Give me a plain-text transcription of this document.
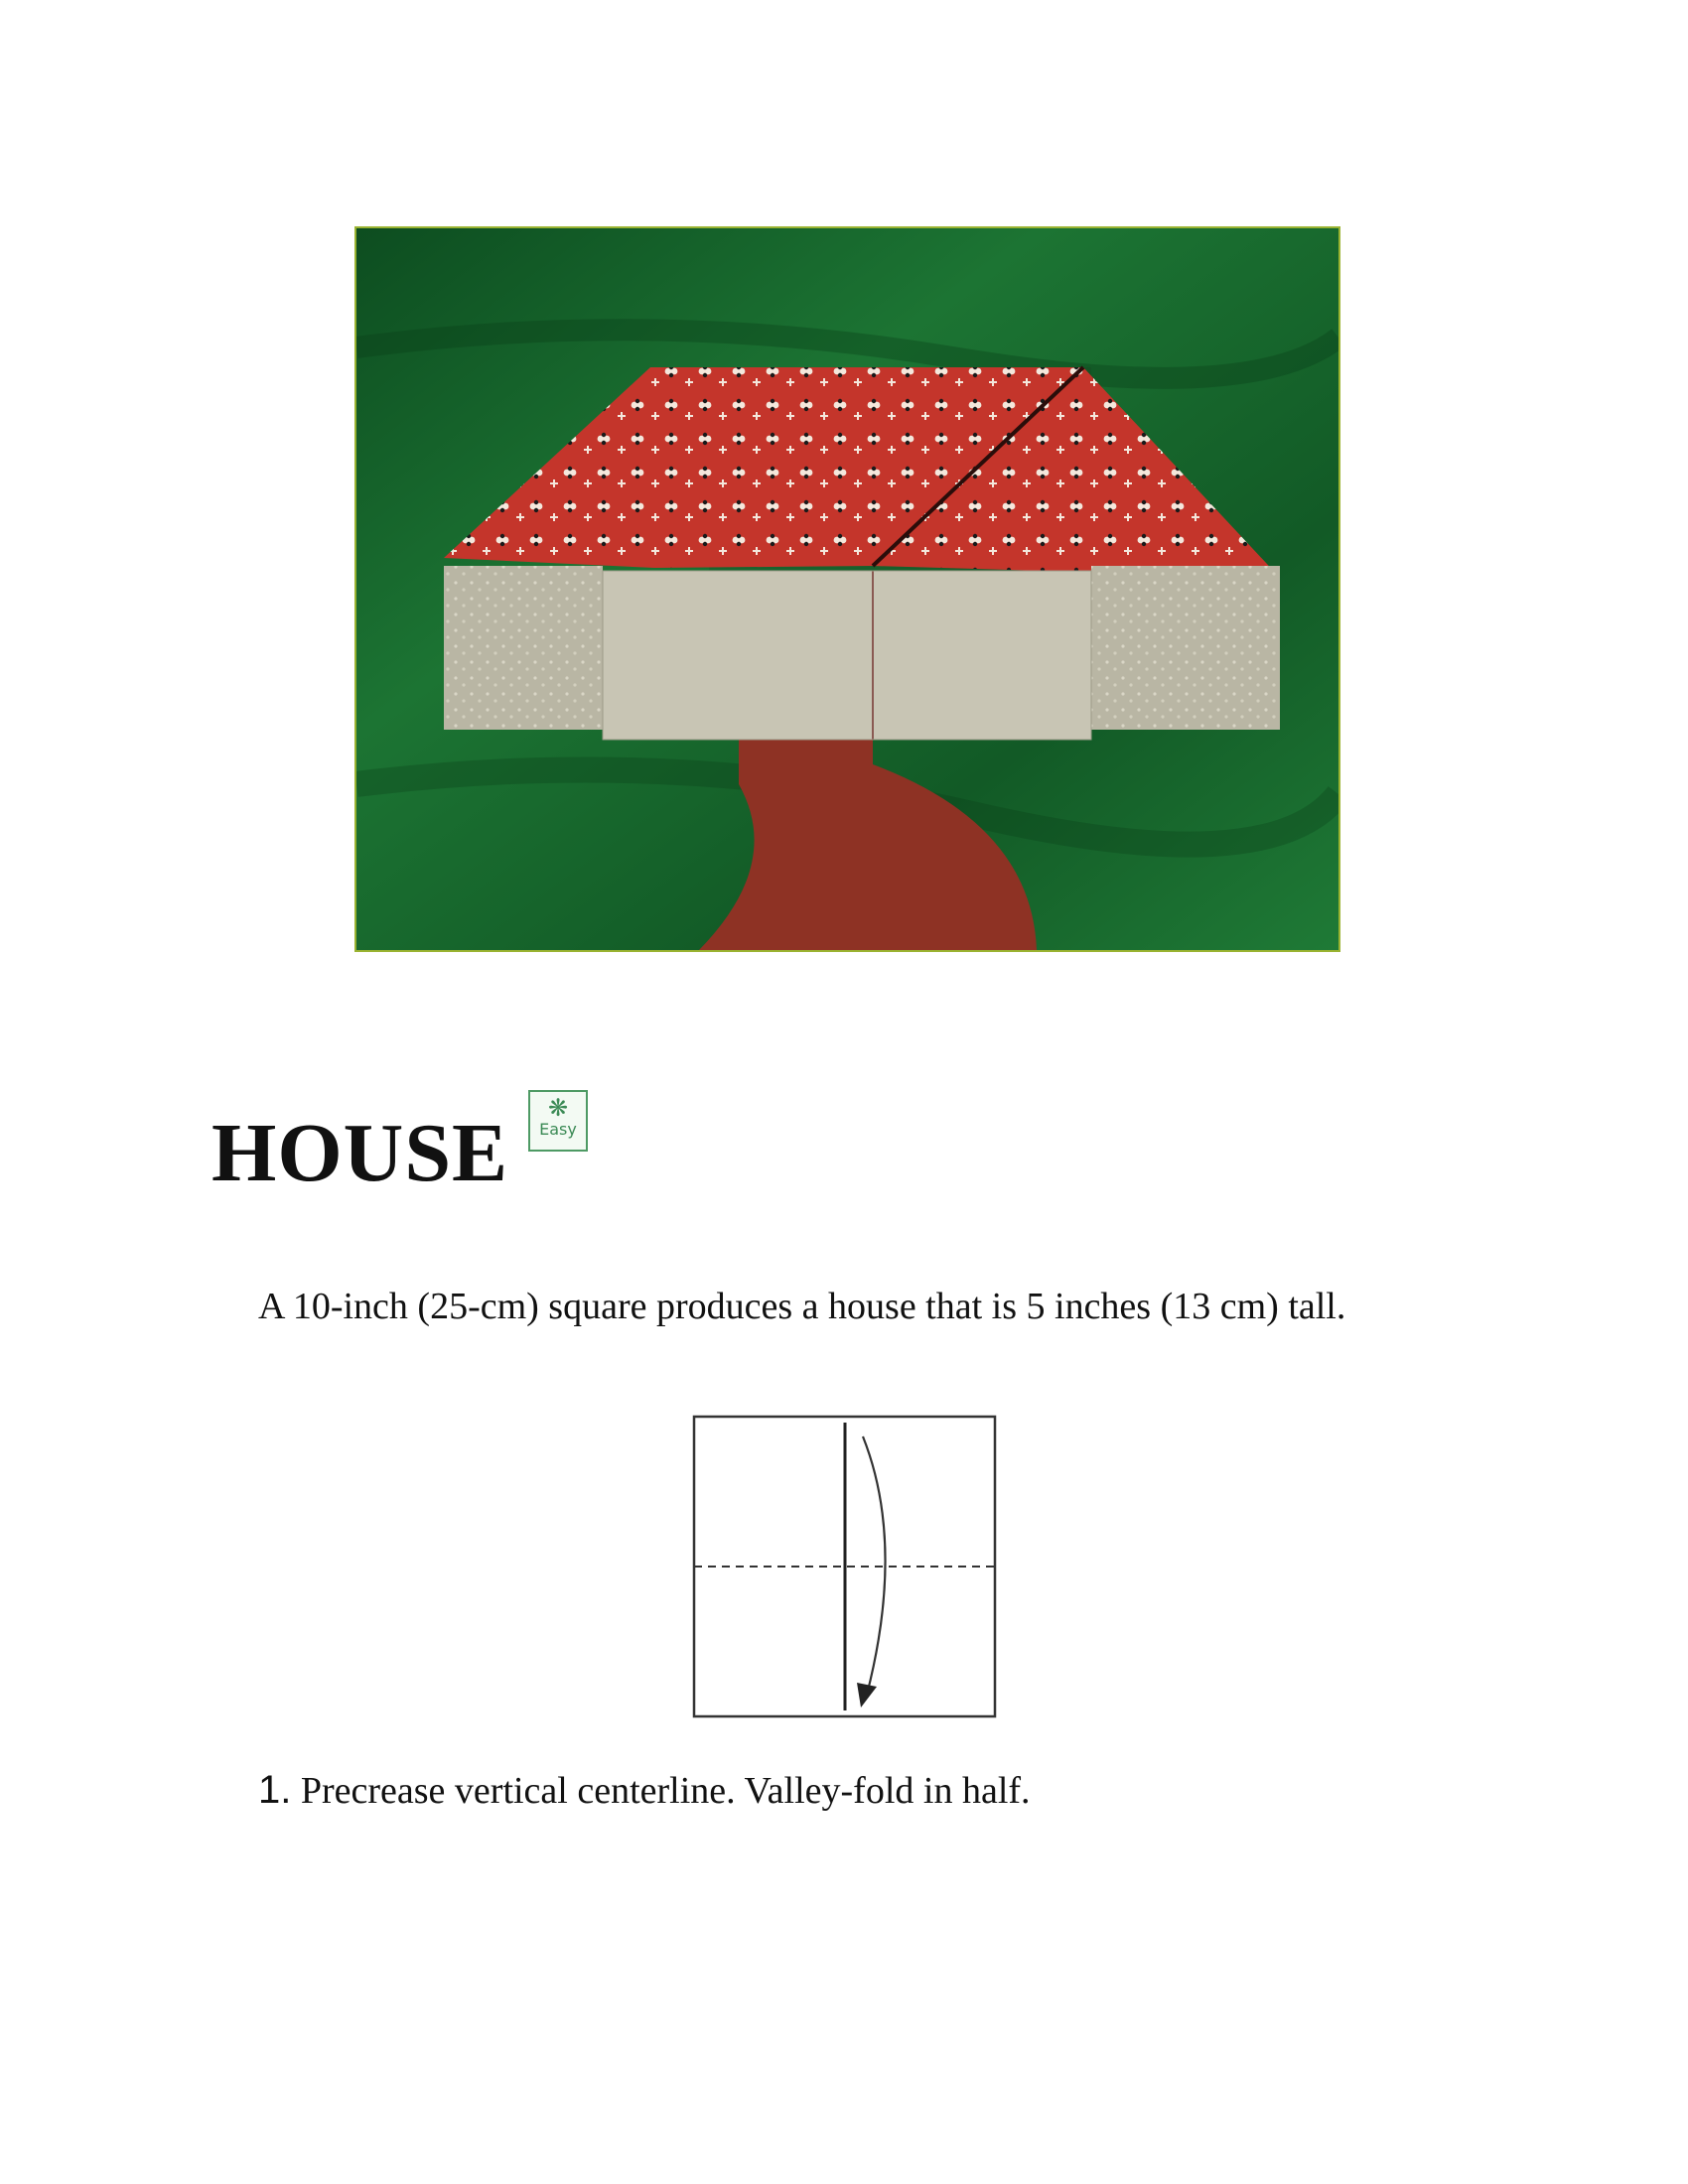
HOUSE	❋
Easy

A 10-inch (25-cm) square produces a house that is 5 inches (13 cm) tall.

1. Precrease vertical centerline. Valley-fold in half.
